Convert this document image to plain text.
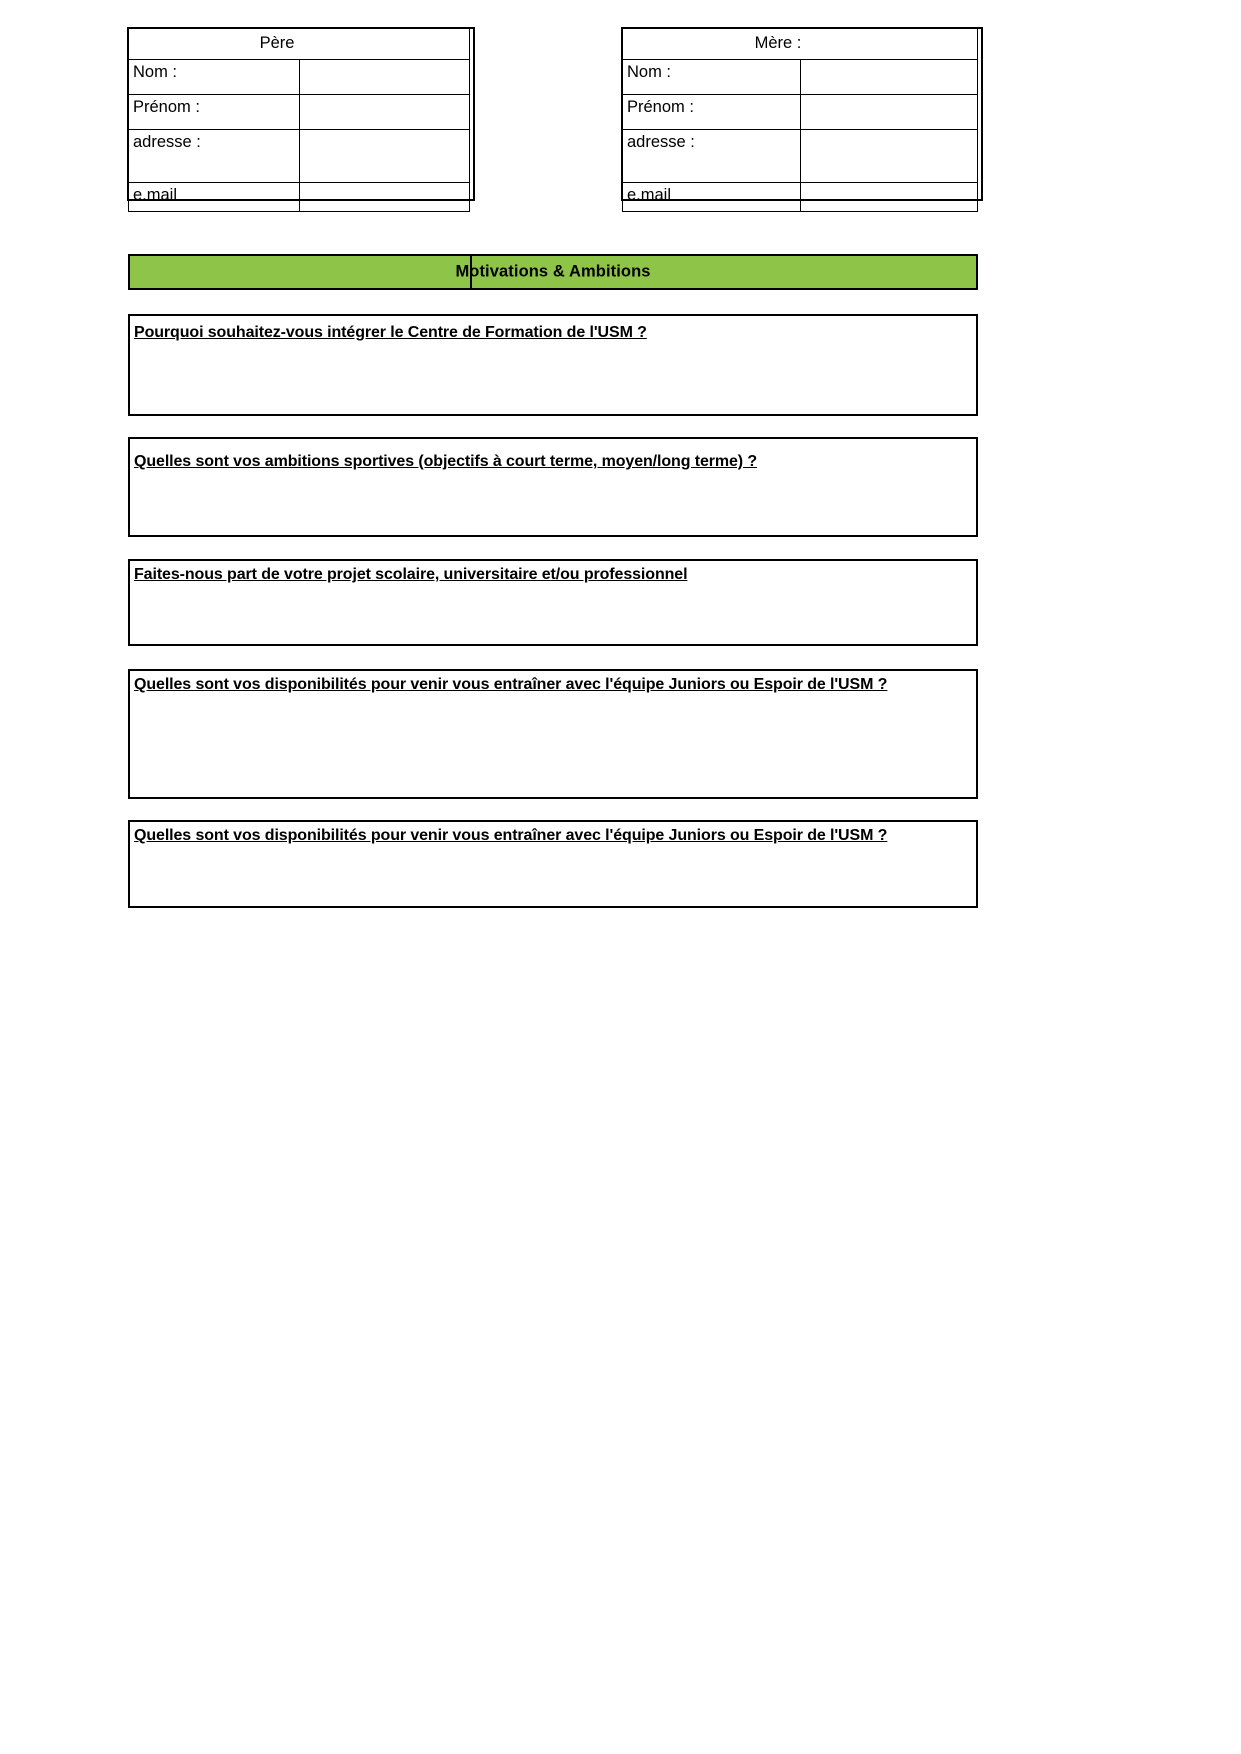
Père	
Nom :	
Prénom :	
adresse :	
e.mail	
Mère :	
Nom :	
Prénom :	
adresse :	
e.mail	
Motivations & Ambitions
Pourquoi souhaitez-vous intégrer le Centre de Formation de l'USM ?
Quelles sont vos ambitions sportives (objectifs à court terme, moyen/long terme) ?
Faites-nous part de votre projet scolaire, universitaire et/ou professionnel
Quelles sont vos disponibilités pour venir vous entraîner avec l'équipe Juniors ou Espoir de l'USM ?
Quelles sont vos disponibilités pour venir vous entraîner avec l'équipe Juniors ou Espoir de l'USM ?
